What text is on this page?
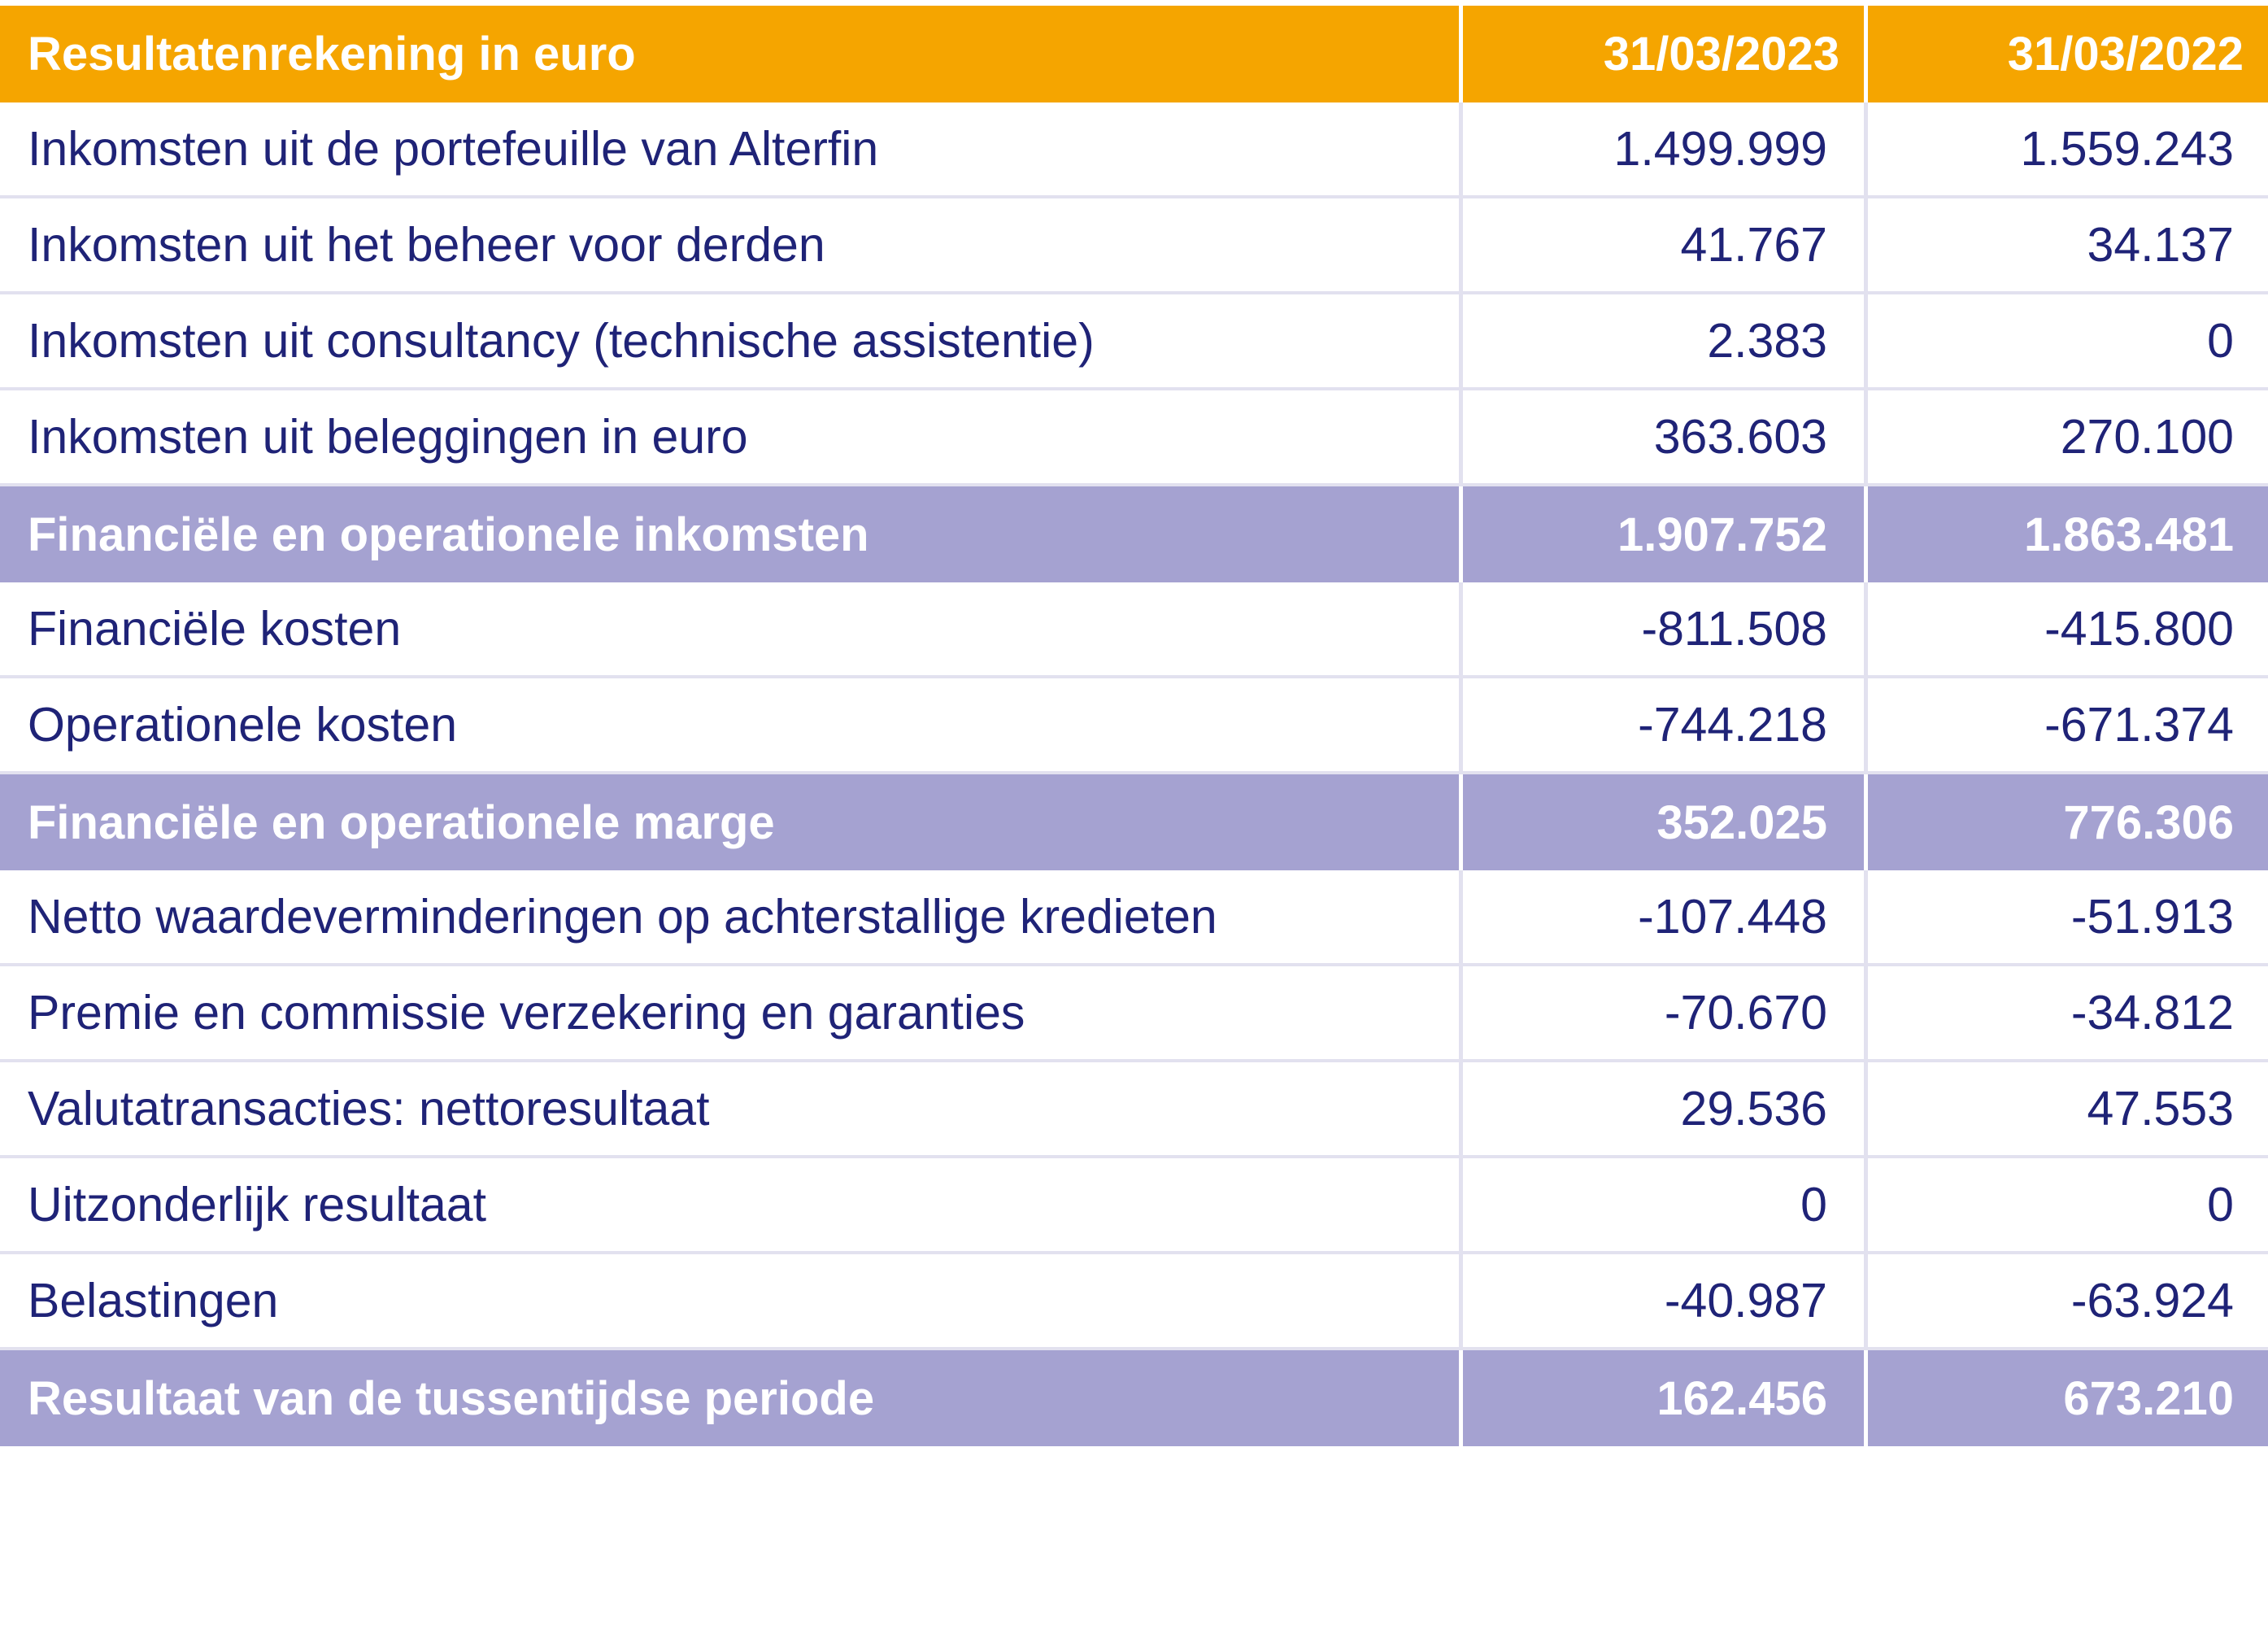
Resultatenrekening in euro	31/03/2023	31/03/2022
Inkomsten uit de portefeuille van Alterfin	1.499.999	1.559.243
Inkomsten uit het beheer voor derden	41.767	34.137
Inkomsten uit consultancy (technische assistentie)	2.383	0
Inkomsten uit beleggingen in euro	363.603	270.100
Financiële en operationele inkomsten	1.907.752	1.863.481
Financiële kosten	-811.508	-415.800
Operationele kosten	-744.218	-671.374
Financiële en operationele marge	352.025	776.306
Netto waardeverminderingen op achterstallige kredieten	-107.448	-51.913
Premie en commissie verzekering en garanties	-70.670	-34.812
Valutatransacties: nettoresultaat	29.536	47.553
Uitzonderlijk resultaat	0	0
Belastingen	-40.987	-63.924
Resultaat van de tussentijdse periode	162.456	673.210
